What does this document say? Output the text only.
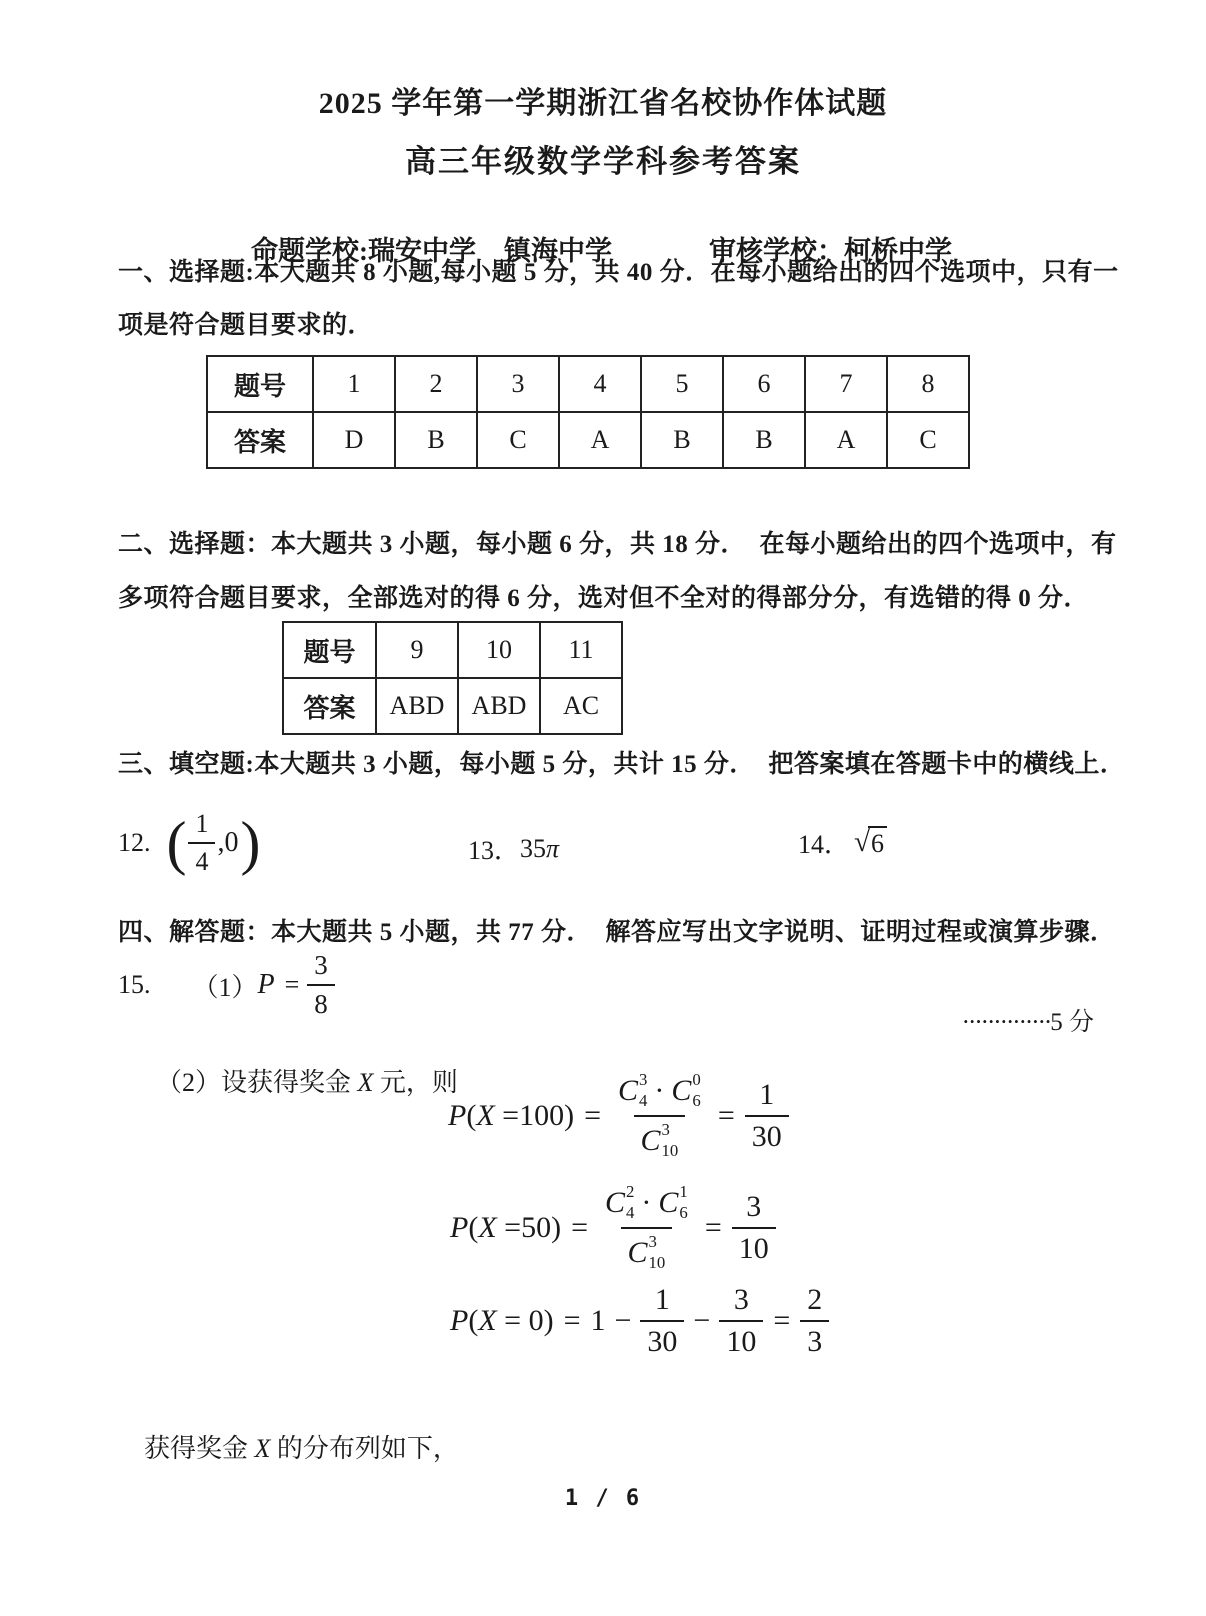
2025 学年第一学期浙江省名校协作体试题
高三年级数学学科参考答案

命题学校:瑞安中学 镇海中学	审核学校：柯桥中学

一、选择题:本大题共 8 小题,每小题 5 分，共 40 分．在每小题给出的四个选项中，只有一
项是符合题目要求的．
题号	1	2	3	4	5	6	7	8
答案	D	B	C	A	B	B	A	C
二、选择题：本大题共 3 小题，每小题 6 分，共 18 分．  在每小题给出的四个选项中，有
多项符合题目要求，全部选对的得 6 分，选对但不全对的得部分分，有选错的得 0 分．
题号	9	10	11
答案	ABD	ABD	AC
三、填空题:本大题共 3 小题，每小题 5 分，共计 15 分．  把答案填在答题卡中的横线上．
12. ( $\frac{1}{4} ,0$ )	13． 35 π	14． √ 6
四、解答题：本大题共 5 小题，共 77 分．  解答应写出文字说明、证明过程或演算步骤．
15. （1） $P = \frac{3}{8}$

··············5 分

（2）设获得奖金 X 元，则

P ( X =100) = C 3
4 · C 0
6
C 3
$10 = \frac{1}{30}$
P ( X =50) = C 2
4 · C 1
6
C 3
$10 = \frac{3}{10}$
P ( $X = 0) = 1 - \frac{1}{30} - \frac{3}{10} = \frac{2}{3}$

获得奖金 X 的分布列如下，

1 / 6
